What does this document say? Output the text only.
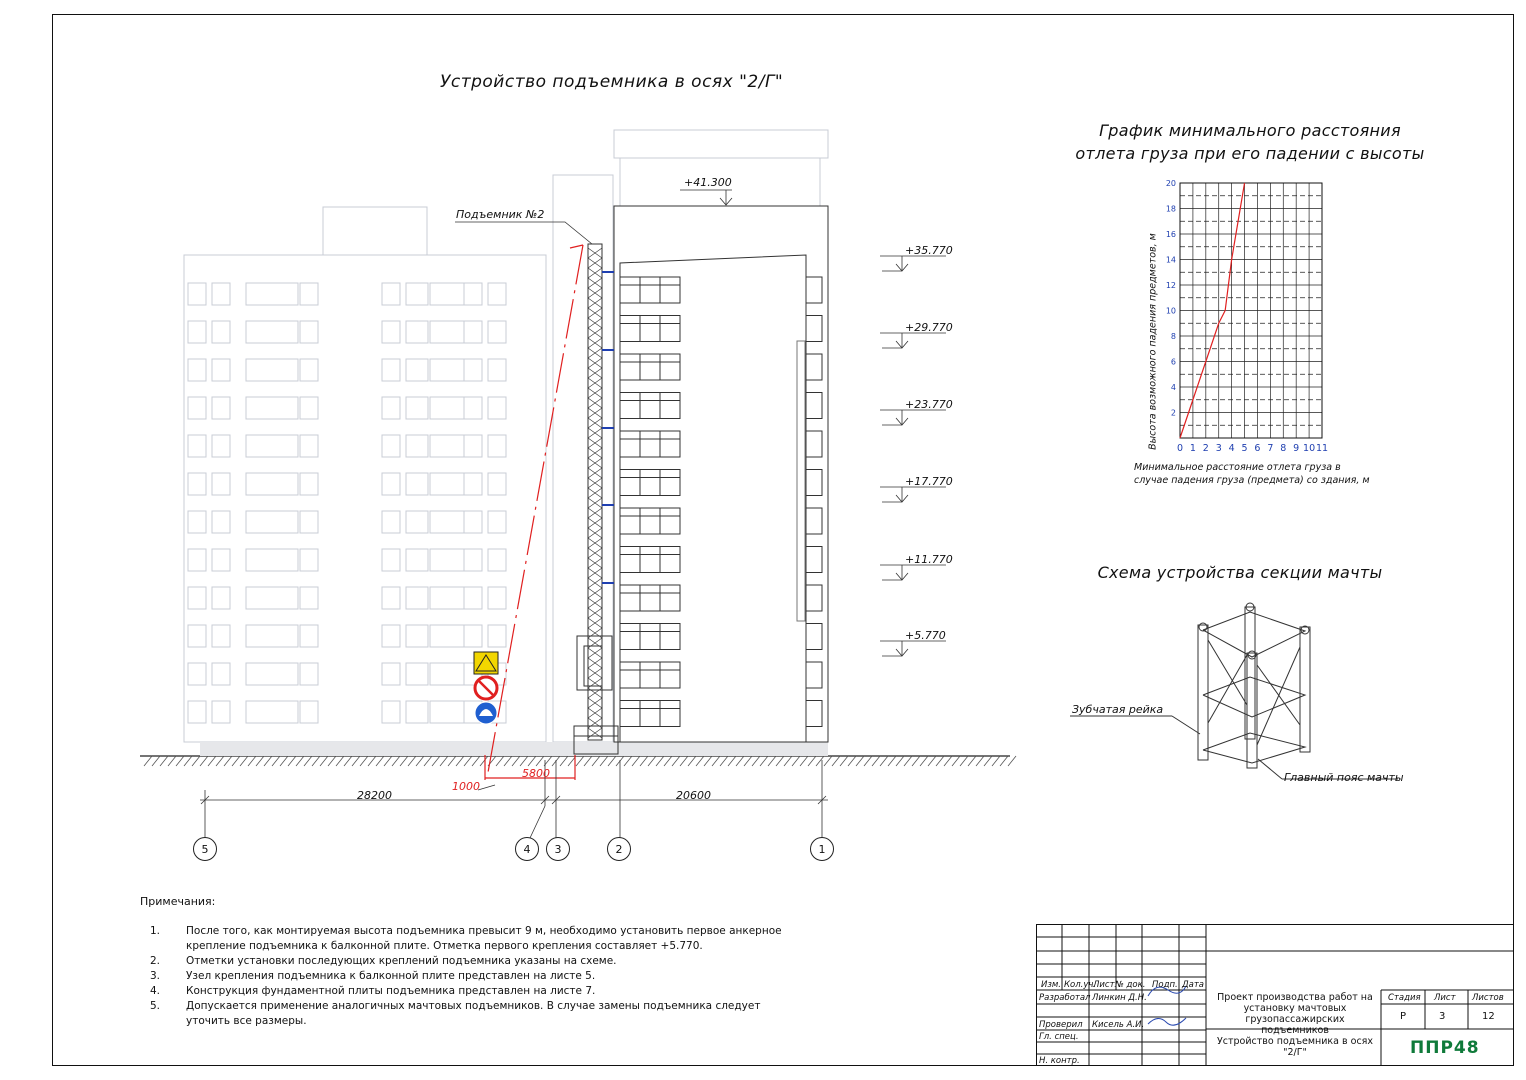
Устройство подъемника в осях "2/Г"
Подъемник №2
+41.300
+35.770
+29.770
+23.770
+17.770
+11.770
+5.770
28200	20600
5800
1000
5	4	3	2	1
График минимального расстояния
отлета груза при его падении с высоты
0 1 2 3 4 5 6 7 8 9 10 11
2
4
6
8
10
12
14
16
18
20
Высота возможного падения предметов, м
Минимальное расстояние отлета груза в
случае падения груза (предмета) со здания, м
Схема устройства секции мачты
Зубчатая рейка
Главный пояс мачты
Примечания:
1.	После того, как монтируемая высота подъемника превысит 9 м, необходимо установить первое анкерное крепление подъемника к балконной плите. Отметка первого крепления составляет +5.770.
2.	Отметки установки последующих креплений подъемника указаны на схеме.
3.	Узел крепления подъемника к балконной плите представлен на листе 5.
4.	Конструкция фундаментной плиты подъемника представлен на листе 7.
5.	Допускается применение аналогичных мачтовых подъемников. В случае замены подъемника следует уточить все размеры.
Изм. Кол.уч.
Лист № док. Подп. Дата
Разработал Линкин Д.Н.
Проверил Кисель А.И.
Гл. спец.
Н. контр.
Проект производства работ на установку мачтовых грузопассажирских подъемников
Устройство подъемника в осях "2/Г"
Стадия Лист Листов
Р	3	12
ППР48
